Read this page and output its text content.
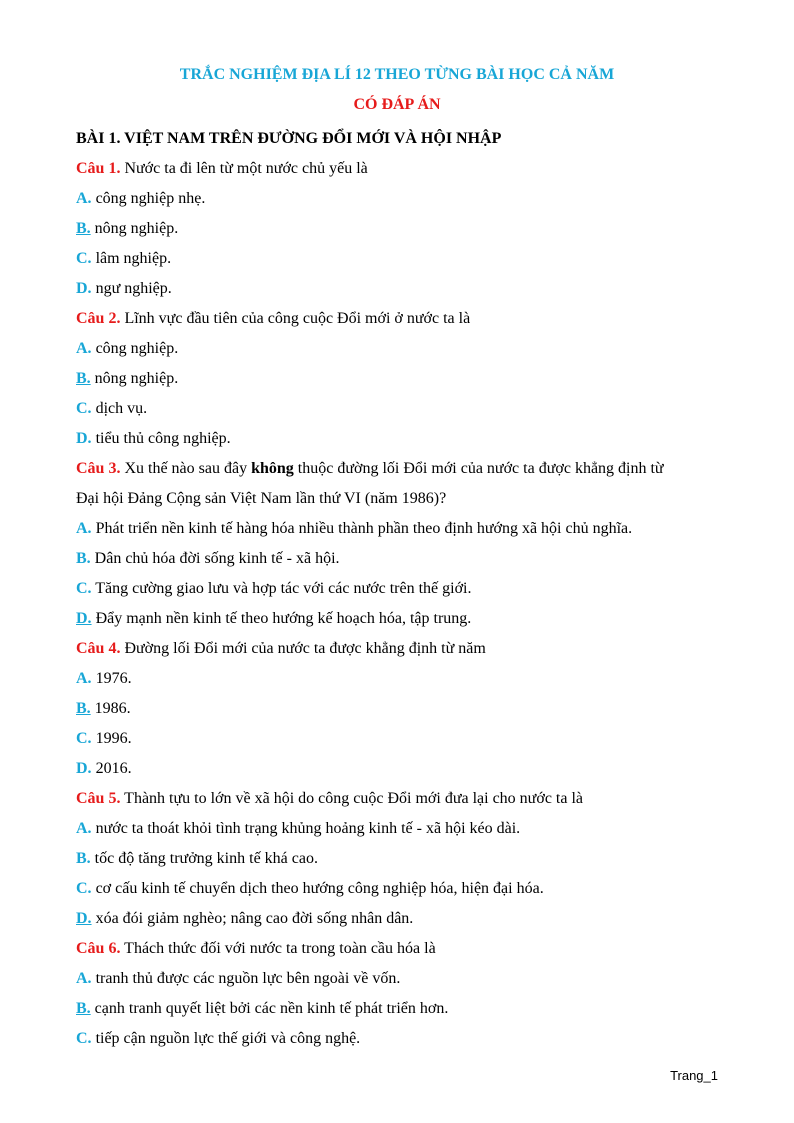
TRẮC NGHIỆM ĐỊA LÍ 12 THEO TỪNG BÀI HỌC CẢ NĂM
CÓ ĐÁP ÁN
BÀI 1. VIỆT NAM TRÊN ĐƯỜNG ĐỔI MỚI VÀ HỘI NHẬP
Câu 1. Nước ta đi lên từ một nước chủ yếu là
A. công nghiệp nhẹ.
B. nông nghiệp.
C. lâm nghiệp.
D. ngư nghiệp.
Câu 2. Lĩnh vực đầu tiên của công cuộc Đổi mới ở nước ta là
A. công nghiệp.
B. nông nghiệp.
C. dịch vụ.
D. tiểu thủ công nghiệp.
Câu 3. Xu thế nào sau đây không thuộc đường lối Đổi mới của nước ta được khẳng định từ
Đại hội Đảng Cộng sản Việt Nam lần thứ VI (năm 1986)?
A. Phát triển nền kinh tế hàng hóa nhiều thành phần theo định hướng xã hội chủ nghĩa.
B. Dân chủ hóa đời sống kinh tế - xã hội.
C. Tăng cường giao lưu và hợp tác với các nước trên thế giới.
D. Đẩy mạnh nền kinh tế theo hướng kế hoạch hóa, tập trung.
Câu 4. Đường lối Đổi mới của nước ta được khẳng định từ năm
A. 1976.
B. 1986.
C. 1996.
D. 2016.
Câu 5. Thành tựu to lớn về xã hội do công cuộc Đổi mới đưa lại cho nước ta là
A. nước ta thoát khỏi tình trạng khủng hoảng kinh tế - xã hội kéo dài.
B. tốc độ tăng trưởng kinh tế khá cao.
C. cơ cấu kinh tế chuyển dịch theo hướng công nghiệp hóa, hiện đại hóa.
D. xóa đói giảm nghèo; nâng cao đời sống nhân dân.
Câu 6. Thách thức đối với nước ta trong toàn cầu hóa là
A. tranh thủ được các nguồn lực bên ngoài về vốn.
B. cạnh tranh quyết liệt bởi các nền kinh tế phát triển hơn.
C. tiếp cận nguồn lực thế giới và công nghệ.
Trang_1
